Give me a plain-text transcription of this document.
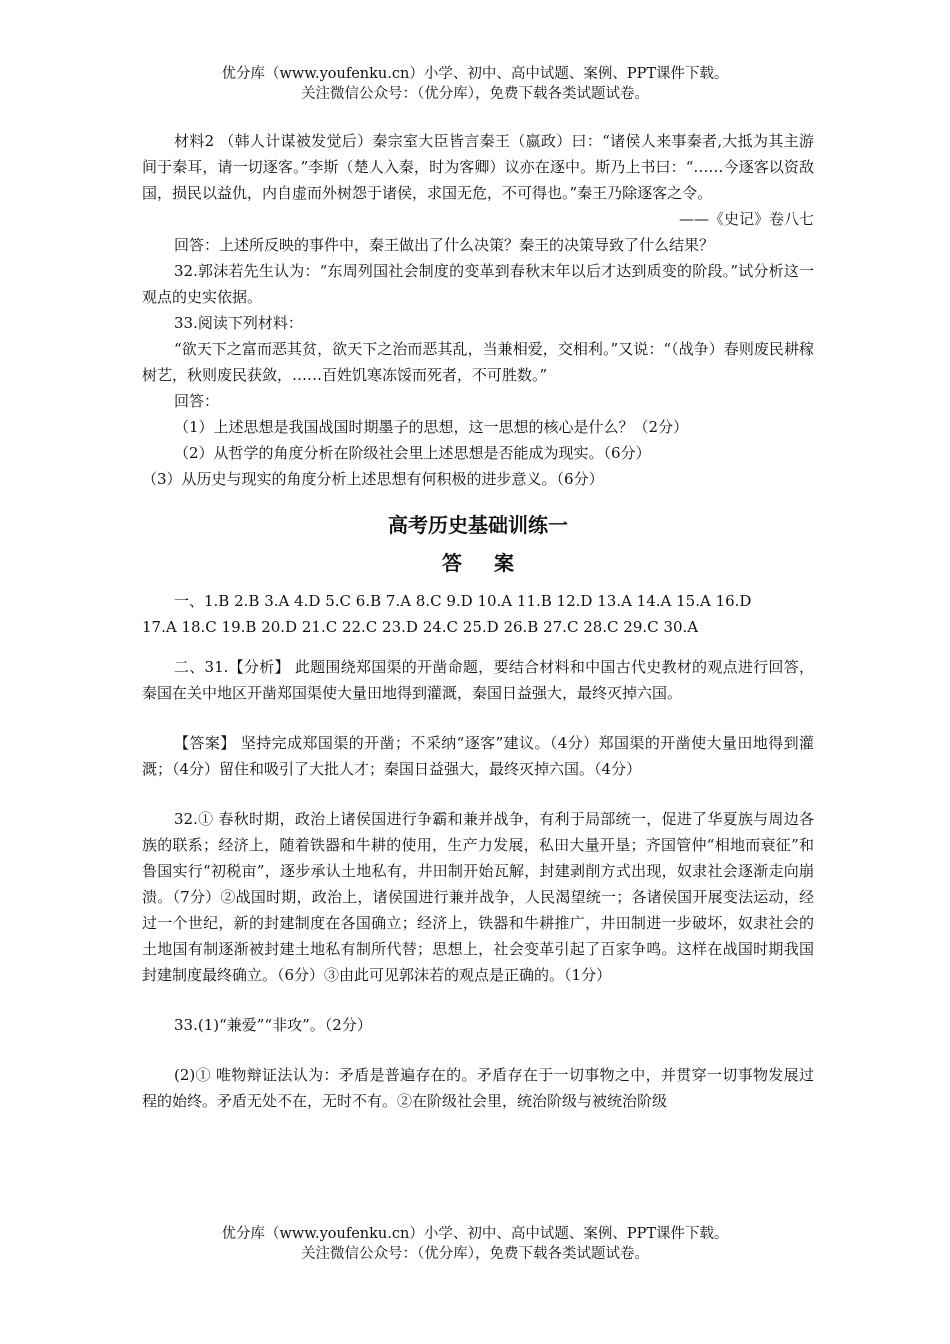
优分库（www.youfenku.cn）小学、初中、高中试题、案例、PPT课件下载。
关注微信公众号：（优分库），免费下载各类试题试卷。

材料2 （韩人计谋被发觉后）秦宗室大臣皆言秦王（嬴政）曰：“诸侯人来事秦者,大抵为其主游间于秦耳，请一切逐客。”李斯（楚人入秦，时为客卿）议亦在逐中。斯乃上书曰：“……今逐客以资敌国，损民以益仇，内自虚而外树怨于诸侯，求国无危，不可得也。”秦王乃除逐客之令。

——《史记》卷八七

回答：上述所反映的事件中，秦王做出了什么决策？秦王的决策导致了什么结果？

32.郭沫若先生认为：“东周列国社会制度的变革到春秋末年以后才达到质变的阶段。”试分析这一观点的史实依据。

33.阅读下列材料：

“欲天下之富而恶其贫，欲天下之治而恶其乱，当兼相爱，交相利。”又说：“（战争）春则废民耕稼树艺，秋则废民获敛，……百姓饥寒冻馁而死者，不可胜数。”

回答：

（1）上述思想是我国战国时期墨子的思想，这一思想的核心是什么？（2分）

（2）从哲学的角度分析在阶级社会里上述思想是否能成为现实。（6分）

（3）从历史与现实的角度分析上述思想有何积极的进步意义。（6分）

高考历史基础训练一
答案

一、1.B 2.B 3.A 4.D 5.C 6.B 7.A 8.C 9.D 10.A 11.B 12.D 13.A 14.A 15.A 16.D

17.A 18.C 19.B 20.D 21.C 22.C 23.D 24.C 25.D 26.B 27.C 28.C 29.C 30.A

二、31.【分析】 此题围绕郑国渠的开凿命题，要结合材料和中国古代史教材的观点进行回答，秦国在关中地区开凿郑国渠使大量田地得到灌溉，秦国日益强大，最终灭掉六国。

【答案】 坚持完成郑国渠的开凿；不采纳“逐客”建议。（4分）郑国渠的开凿使大量田地得到灌溉；（4分）留住和吸引了大批人才；秦国日益强大，最终灭掉六国。（4分）

32.① 春秋时期，政治上诸侯国进行争霸和兼并战争，有利于局部统一，促进了华夏族与周边各族的联系；经济上，随着铁器和牛耕的使用，生产力发展，私田大量开垦；齐国管仲“相地而衰征”和鲁国实行“初税亩”，逐步承认土地私有，井田制开始瓦解，封建剥削方式出现，奴隶社会逐渐走向崩溃。（7分）②战国时期，政治上，诸侯国进行兼并战争，人民渴望统一；各诸侯国开展变法运动，经过一个世纪，新的封建制度在各国确立；经济上，铁器和牛耕推广，井田制进一步破坏，奴隶社会的土地国有制逐渐被封建土地私有制所代替；思想上，社会变革引起了百家争鸣。这样在战国时期我国封建制度最终确立。（6分）③由此可见郭沫若的观点是正确的。（1分）

33.(1)“兼爱”“非攻”。（2分）

(2)① 唯物辩证法认为：矛盾是普遍存在的。矛盾存在于一切事物之中，并贯穿一切事物发展过程的始终。矛盾无处不在，无时不有。②在阶级社会里，统治阶级与被统治阶级

优分库（www.youfenku.cn）小学、初中、高中试题、案例、PPT课件下载。
关注微信公众号：（优分库），免费下载各类试题试卷。
